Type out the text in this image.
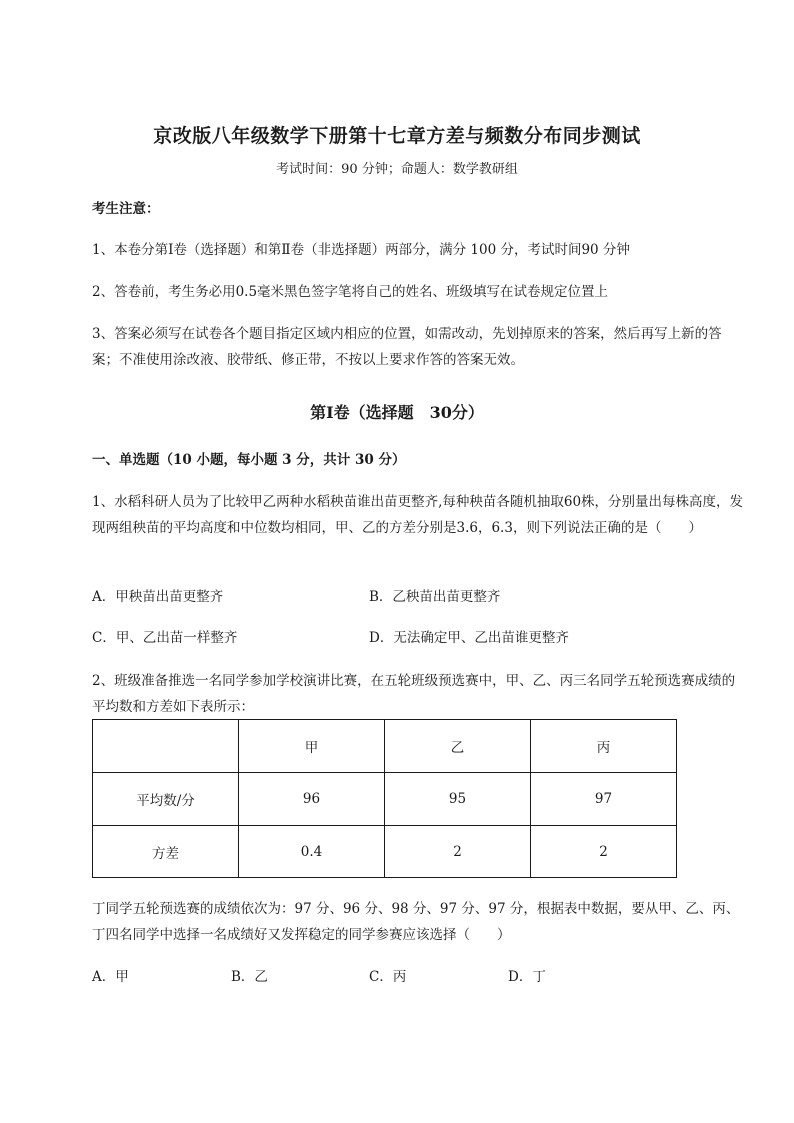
京改版八年级数学下册第十七章方差与频数分布同步测试
考试时间：90 分钟；命题人：数学教研组
考生注意：
1、本卷分第Ⅰ卷（选择题）和第Ⅱ卷（非选择题）两部分，满分 100 分，考试时间90 分钟
2、答卷前，考生务必用0.5毫米黑色签字笔将自己的姓名、班级填写在试卷规定位置上
3、答案必须写在试卷各个题目指定区域内相应的位置，如需改动，先划掉原来的答案，然后再写上新的答案；不准使用涂改液、胶带纸、修正带，不按以上要求作答的答案无效。
第Ⅰ卷（选择题　30分）
一、单选题（10 小题，每小题 3 分，共计 30 分）
1、水稻科研人员为了比较甲乙两种水稻秧苗谁出苗更整齐,每种秧苗各随机抽取60株，分别量出每株高度，发现两组秧苗的平均高度和中位数均相同，甲、乙的方差分别是3.6，6.3，则下列说法正确的是（　　）
A．甲秧苗出苗更整齐	B．乙秧苗出苗更整齐
C．甲、乙出苗一样整齐	D．无法确定甲、乙出苗谁更整齐
2、班级准备推选一名同学参加学校演讲比赛，在五轮班级预选赛中，甲、乙、丙三名同学五轮预选赛成绩的平均数和方差如下表所示：
	甲	乙	丙
平均数/分	96	95	97
方差	0.4	2	2
丁同学五轮预选赛的成绩依次为：97 分、96 分、98 分、97 分、97 分，根据表中数据，要从甲、乙、丙、丁四名同学中选择一名成绩好又发挥稳定的同学参赛应该选择（　　）
A．甲	B．乙	C．丙	D．丁
